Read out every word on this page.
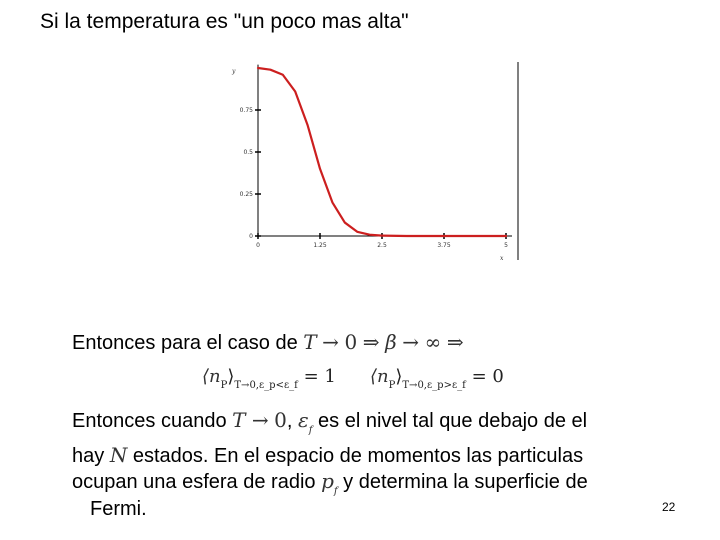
Si la temperatura es "un poco mas alta"
0	1.25	2.5	3.75	5
0
0.25
0.5
0.75
y
x
Entonces para el caso de T → 0 ⇒ β → ∞ ⇒
$⟨n_P⟩_{T\to 0,\varepsilon\_p<\varepsilon\_f} = 1$ $⟨n_P⟩_{T\to 0,\varepsilon\_p>\varepsilon\_f} = 0$
Entonces cuando T → 0, $\varepsilon_f$ es el nivel tal que debajo de el
hay N estados. En el espacio de momentos las particulas
ocupan una esfera de radio $p_f$ y determina la superficie de
Fermi.	22
